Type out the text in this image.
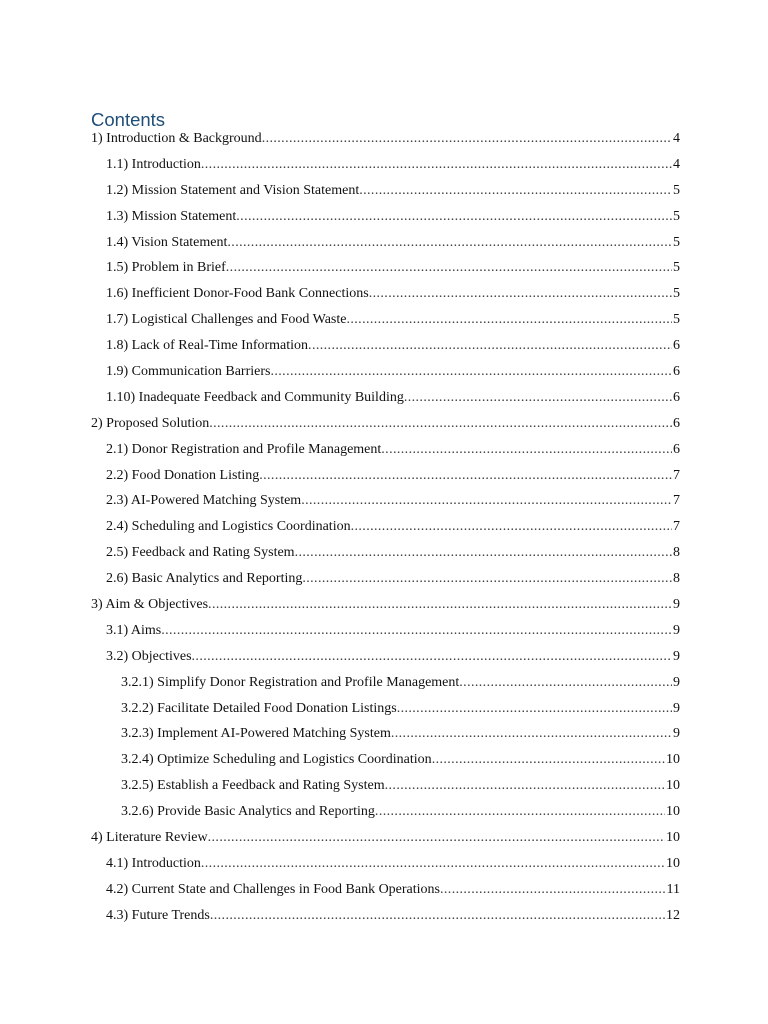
Contents
1) Introduction & Background .....	4
1.1) Introduction .....	4
1.2) Mission Statement and Vision Statement .....	5
1.3) Mission Statement .....	5
1.4) Vision Statement .....	5
1.5) Problem in Brief .....	5
1.6) Inefficient Donor-Food Bank Connections .....	5
1.7) Logistical Challenges and Food Waste .....	5
1.8) Lack of Real-Time Information .....	6
1.9) Communication Barriers .....	6
1.10) Inadequate Feedback and Community Building .....	6
2) Proposed Solution .....	6
2.1) Donor Registration and Profile Management .....	6
2.2) Food Donation Listing .....	7
2.3) AI-Powered Matching System .....	7
2.4) Scheduling and Logistics Coordination .....	7
2.5) Feedback and Rating System .....	8
2.6) Basic Analytics and Reporting .....	8
3) Aim & Objectives .....	9
3.1) Aims .....	9
3.2) Objectives .....	9
3.2.1) Simplify Donor Registration and Profile Management .....	9
3.2.2) Facilitate Detailed Food Donation Listings .....	9
3.2.3) Implement AI-Powered Matching System .....	9
3.2.4) Optimize Scheduling and Logistics Coordination .....	10
3.2.5) Establish a Feedback and Rating System .....	10
3.2.6) Provide Basic Analytics and Reporting .....	10
4) Literature Review .....	10
4.1) Introduction .....	10
4.2) Current State and Challenges in Food Bank Operations .....	11
4.3) Future Trends .....	12
